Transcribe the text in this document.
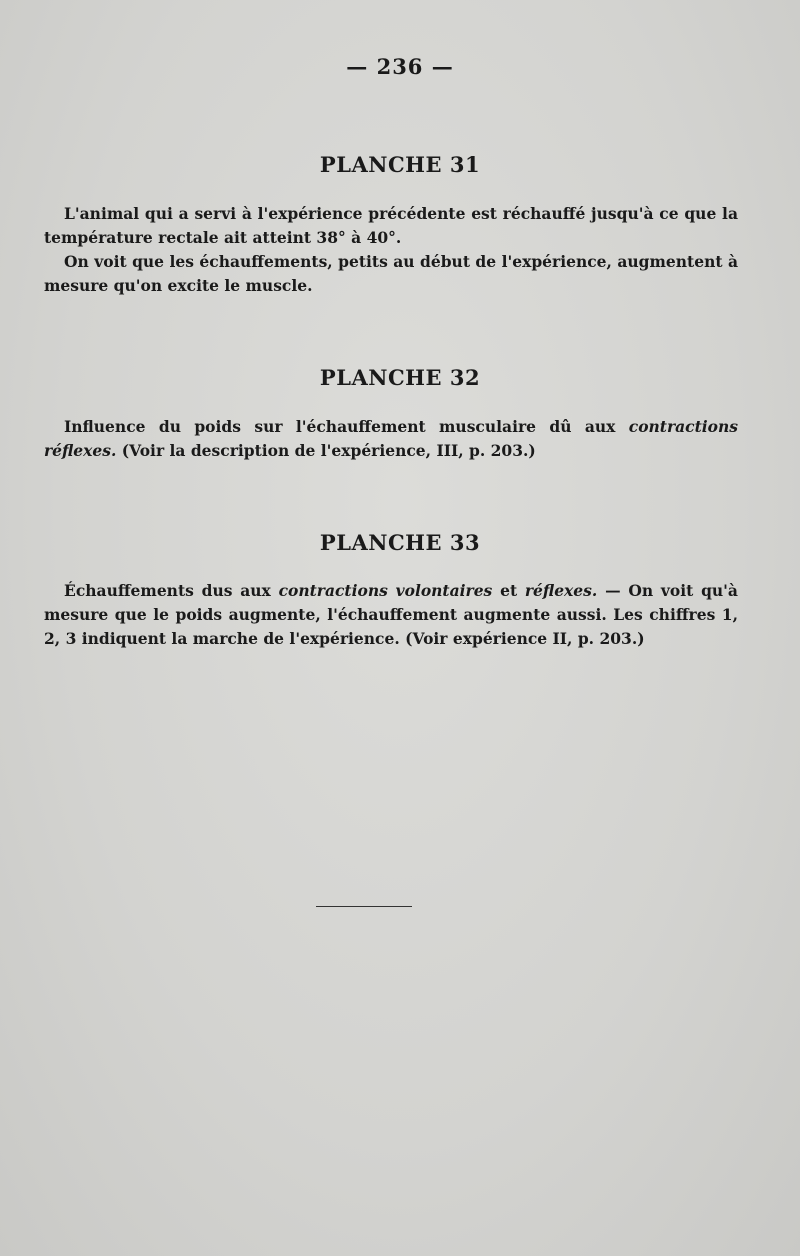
— 236 —
PLANCHE 31

L'animal qui a servi à l'expérience précédente est réchauffé jusqu'à ce que la température rectale ait atteint 38° à 40°.

On voit que les échauffements, petits au début de l'expérience, augmentent à mesure qu'on excite le muscle.

PLANCHE 32

Influence du poids sur l'échauffement musculaire dû aux contractions réflexes. (Voir la description de l'expérience, III, p. 203.)

PLANCHE 33

Échauffements dus aux contractions volontaires et réflexes. — On voit qu'à mesure que le poids augmente, l'échauffement augmente aussi. Les chiffres 1, 2, 3 indiquent la marche de l'expérience. (Voir expérience II, p. 203.)
